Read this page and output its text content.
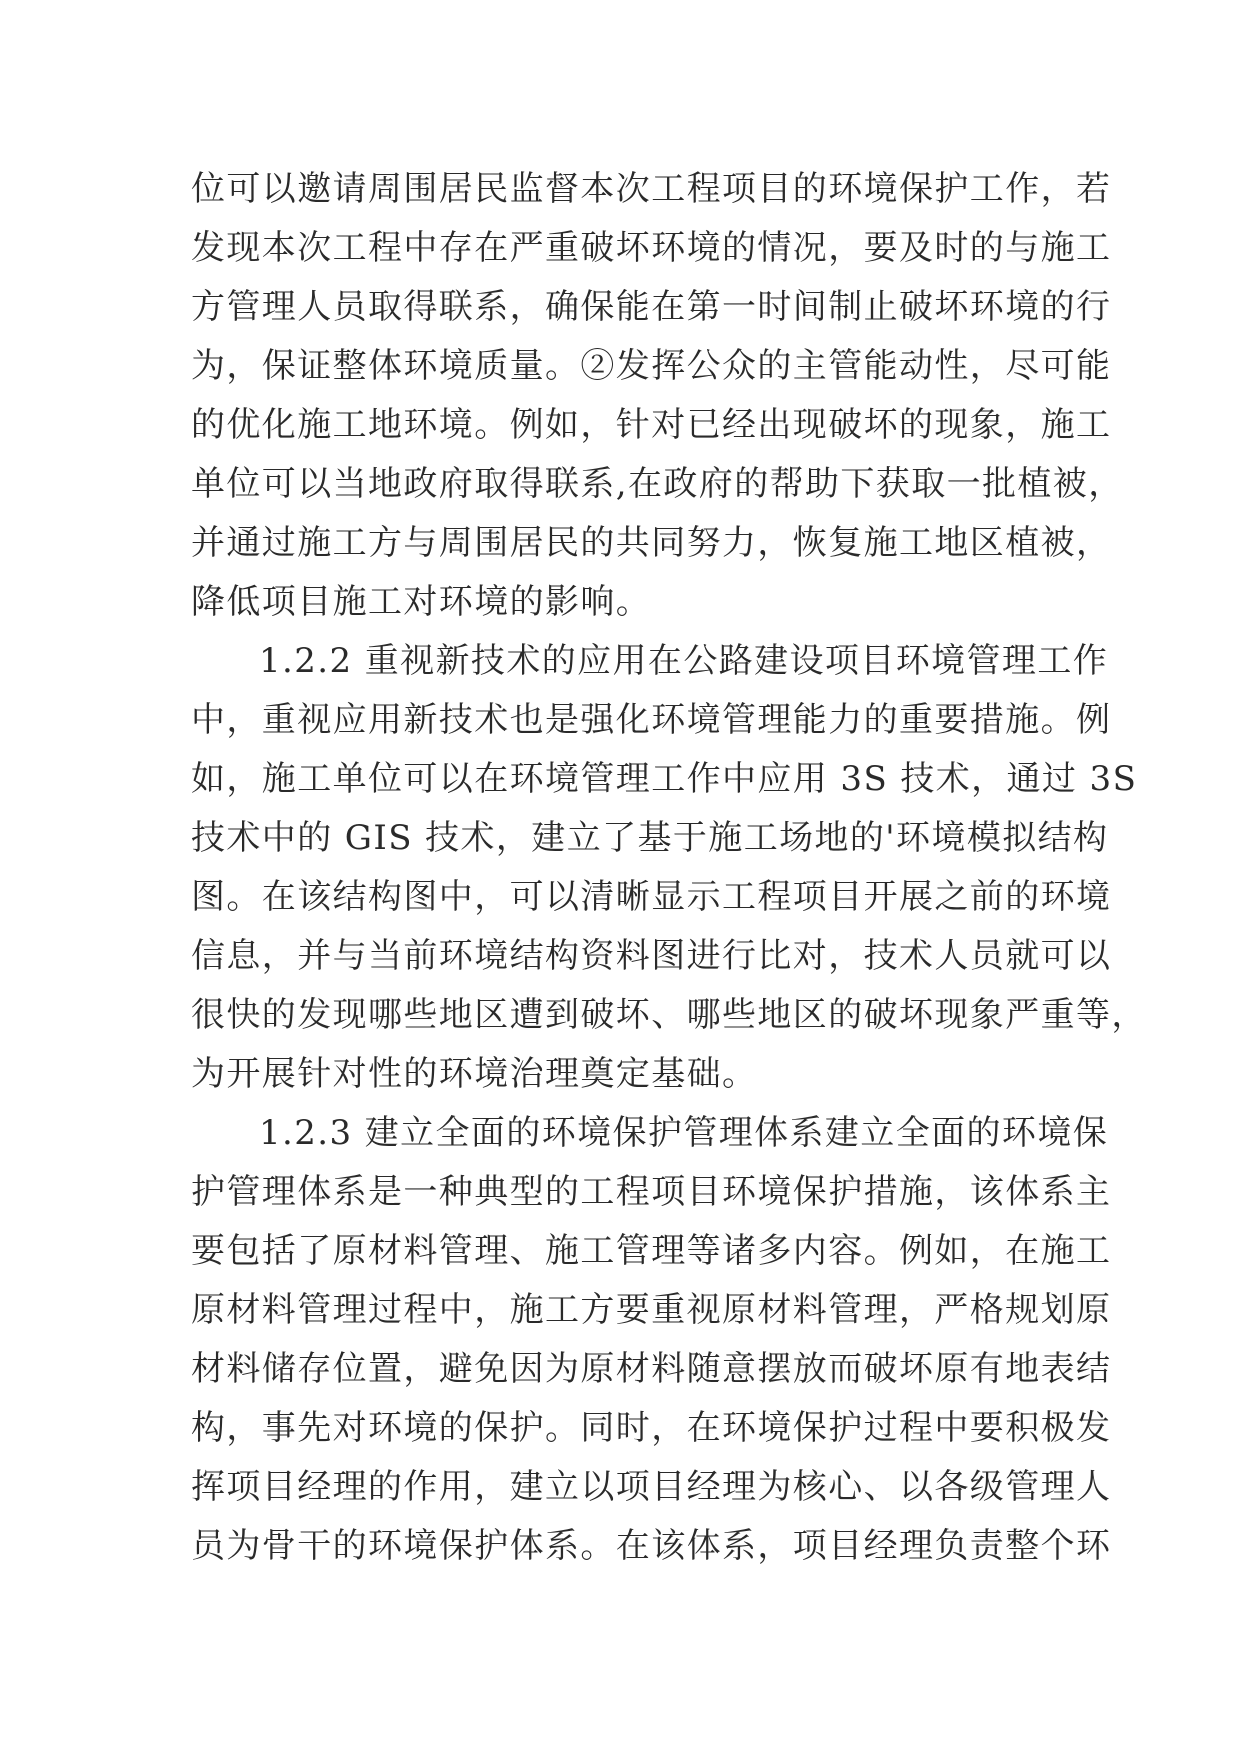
位可以邀请周围居民监督本次工程项目的环境保护工作，若
发现本次工程中存在严重破坏环境的情况，要及时的与施工
方管理人员取得联系，确保能在第一时间制止破坏环境的行
为，保证整体环境质量。②发挥公众的主管能动性，尽可能
的优化施工地环境。例如，针对已经出现破坏的现象，施工
单位可以当地政府取得联系,在政府的帮助下获取一批植被，
并通过施工方与周围居民的共同努力，恢复施工地区植被，
降低项目施工对环境的影响。
1.2.2 重视新技术的应用在公路建设项目环境管理工作
中，重视应用新技术也是强化环境管理能力的重要措施。例
如，施工单位可以在环境管理工作中应用 3S 技术，通过 3S
技术中的 GIS 技术，建立了基于施工场地的'环境模拟结构
图。在该结构图中，可以清晰显示工程项目开展之前的环境
信息，并与当前环境结构资料图进行比对，技术人员就可以
很快的发现哪些地区遭到破坏、哪些地区的破坏现象严重等，
为开展针对性的环境治理奠定基础。
1.2.3 建立全面的环境保护管理体系建立全面的环境保
护管理体系是一种典型的工程项目环境保护措施，该体系主
要包括了原材料管理、施工管理等诸多内容。例如，在施工
原材料管理过程中，施工方要重视原材料管理，严格规划原
材料储存位置，避免因为原材料随意摆放而破坏原有地表结
构，事先对环境的保护。同时，在环境保护过程中要积极发
挥项目经理的作用，建立以项目经理为核心、以各级管理人
员为骨干的环境保护体系。在该体系，项目经理负责整个环
